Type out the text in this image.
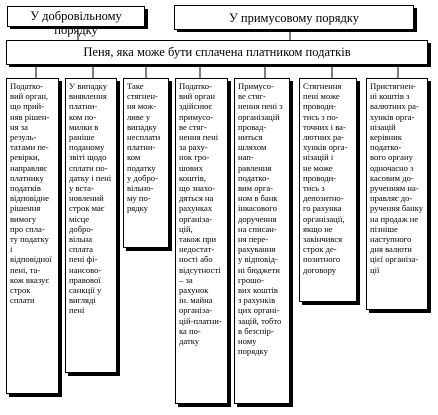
У добровільному порядку
У примусовому порядку
Пеня, яка може бути сплачена платником податків

Податко-
вий орган,
що прий-
няв рішен-
ня за резуль-
татами пе-
ревірки,
направляє
платнику
податків
відповідне
рішення
вимогу
про спла-
ту податку
і відповідної
пені, та-
кож вказує
строк
сплати

У випадку
виявлення
платни-
ком по-
милки в
раніше
поданому
звіті щодо
сплати по-
датку і пені
у вста-
новлений
строк має
місце добро-
вільна
сплата
пені фі-
нансово-
правової
санкції у
вигляді
пені

Таке
стягнен-
ня мож-
ливе у
випадку
несплати
платни-
ком
податку
у добро-
вільно-
му по-
рядку

Податко-
вий орган
здійснює
примусо-
ве стяг-
нення пені
за раху-
нок гро-
шових
коштів,
що знахо-
дяться на
рахунках
організа-
цій,
також при
недостат-
ності або
відсутності
– за
рахунок
ін. майна
організа-
цій-платни-
ка по-
датку

Примусо-
ве стяг-
нення пені з
організацій
провад-
ниться шляхом
нап-
равлення
податко-
вим орга-
ном в банк
інкасового
доручення
на списан-
ня пере-
рахування
у відповід-
ні бюджети
грошо-
вих коштів
з рахунків
цих органі-
зацій, тобто
в безспір-
ному
порядку

Стягнення
пені може
проводи-
тись з по-
точних і ва-
лютних ра-
хунків орга-
нізацій і
не може
проводи-
тись з
депозитно-
го рахунка
організації,
якщо не
закінчився
строк де-
позитного
договору

Пристягнен-
ні коштів з
валютних ра-
хунків орга-
нізацій керівник
податко-
вого органу
одночасно з
касовим до-
рученням на-
правляє до-
ручення банку
на продаж не
пізніше
наступного
дня валюти
цієї організа-
ції
